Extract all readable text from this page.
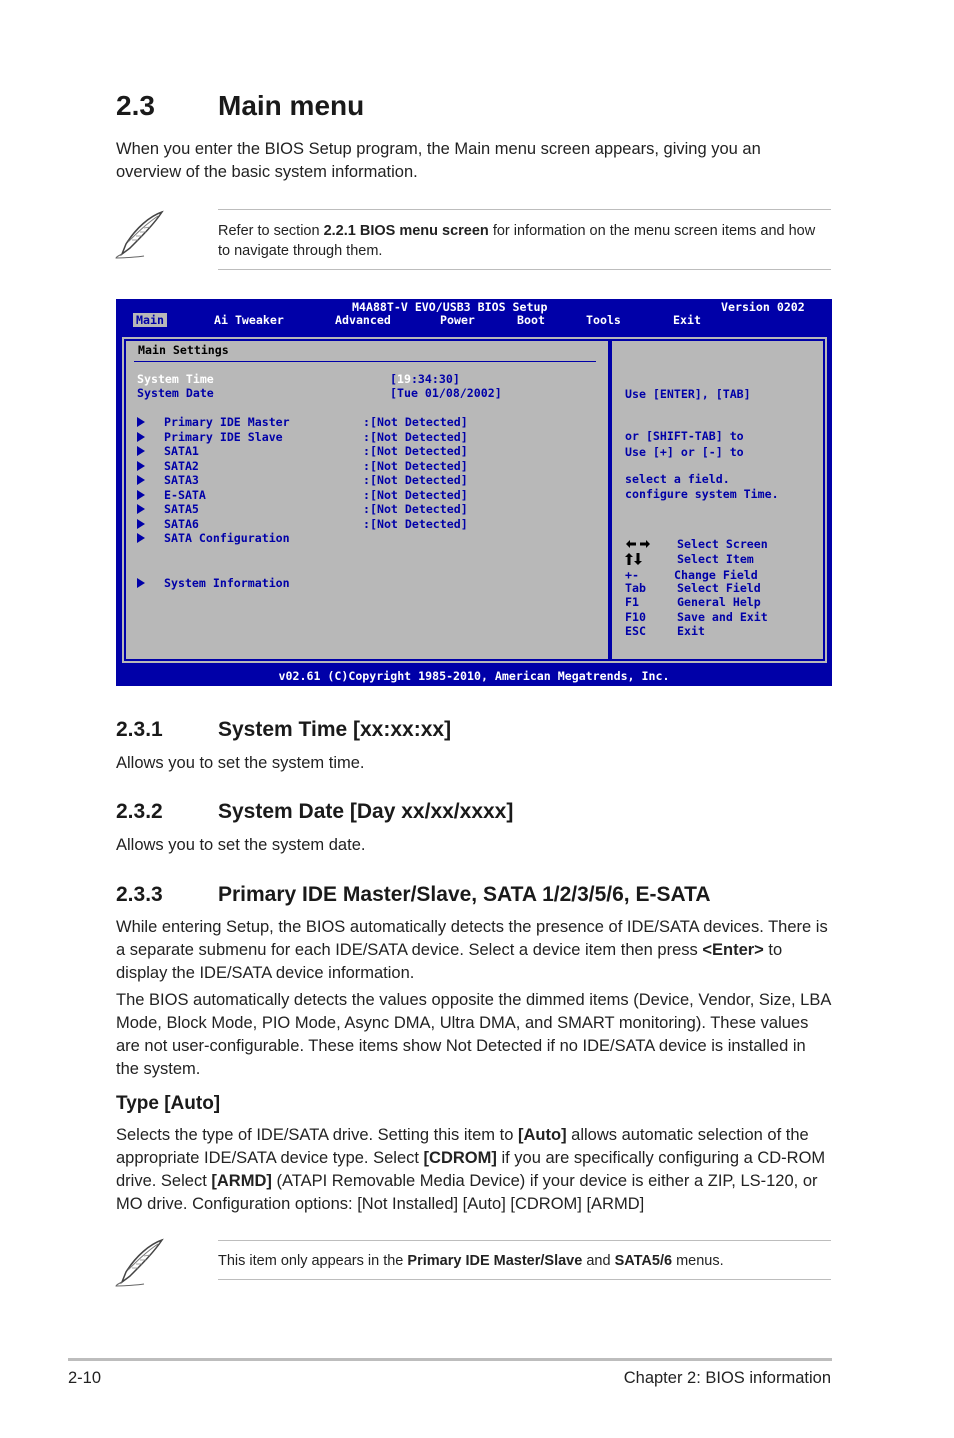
2.3 Main menu

When you enter the BIOS Setup program, the Main menu screen appears, giving you an overview of the basic system information.

Refer to section 2.2.1 BIOS menu screen for information on the menu screen items and how to navigate through them.

M4A88T-V EVO/USB3 BIOS Setup

	Version 0202

Main

	Ai Tweaker

	Advanced

	Power

	Boot

	Tools

	Exit

Main Settings
System Time	[19:34:30]
System Date	[Tue 01/08/2002]
Primary IDE Master	:[Not Detected]
Primary IDE Slave	:[Not Detected]
SATA1	:[Not Detected]
SATA2	:[Not Detected]
SATA3	:[Not Detected]
E-SATA	:[Not Detected]
SATA5	:[Not Detected]
SATA6	:[Not Detected]
SATA Configuration
System Information

Use [ENTER], [TAB]

or [SHIFT-TAB] to

select a field.

Use [+] or [-] to

configure system Time.

Select Screen
Select Item
+-	Change Field
Tab	Select Field
F1	General Help
F10	Save and Exit
ESC	Exit
v02.61 (C)Copyright 1985-2010, American Megatrends, Inc.
2.3.1	System Time [xx:xx:xx]

Allows you to set the system time.

2.3.2	System Date [Day xx/xx/xxxx]

Allows you to set the system date.

2.3.3	Primary IDE Master/Slave, SATA 1/2/3/5/6, E-SATA

While entering Setup, the BIOS automatically detects the presence of IDE/SATA devices. There is a separate submenu for each IDE/SATA device. Select a device item then press <Enter> to display the IDE/SATA device information.

The BIOS automatically detects the values opposite the dimmed items (Device, Vendor, Size, LBA Mode, Block Mode, PIO Mode, Async DMA, Ultra DMA, and SMART monitoring). These values are not user-configurable. These items show Not Detected if no IDE/SATA device is installed in the system.

Type [Auto]

Selects the type of IDE/SATA drive. Setting this item to [Auto] allows automatic selection of the appropriate IDE/SATA device type. Select [CDROM] if you are specifically configuring a CD-ROM drive. Select [ARMD] (ATAPI Removable Media Device) if your device is either a ZIP, LS-120, or MO drive. Configuration options: [Not Installed] [Auto] [CDROM] [ARMD]

This item only appears in the Primary IDE Master/Slave and SATA5/6 menus.
2-10	Chapter 2: BIOS information
